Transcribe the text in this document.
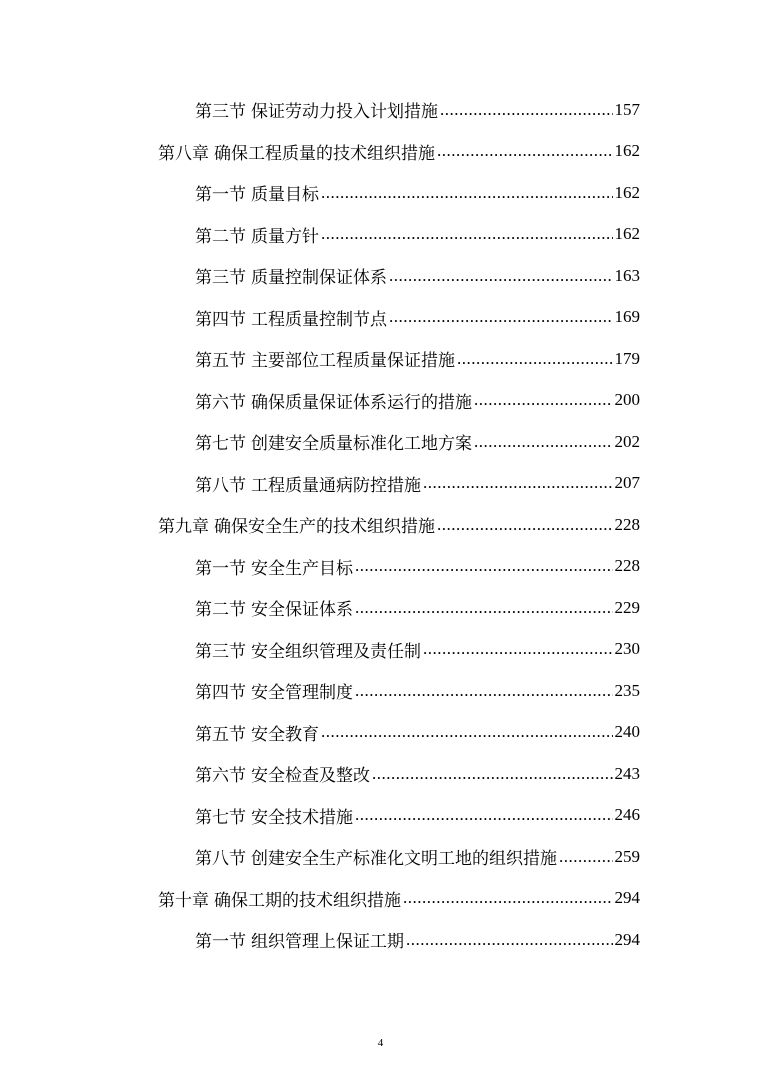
第三节 保证劳动力投入计划措施 .....	157
第八章 确保工程质量的技术组织措施 .....	162
第一节 质量目标 .....	162
第二节 质量方针 .....	162
第三节 质量控制保证体系 .....	163
第四节 工程质量控制节点 .....	169
第五节 主要部位工程质量保证措施 .....	179
第六节 确保质量保证体系运行的措施 .....	200
第七节 创建安全质量标准化工地方案 .....	202
第八节 工程质量通病防控措施 .....	207
第九章 确保安全生产的技术组织措施 .....	228
第一节 安全生产目标 .....	228
第二节 安全保证体系 .....	229
第三节 安全组织管理及责任制 .....	230
第四节 安全管理制度 .....	235
第五节 安全教育 .....	240
第六节 安全检查及整改 .....	243
第七节 安全技术措施 .....	246
第八节 创建安全生产标准化文明工地的组织措施 .....	259
第十章 确保工期的技术组织措施 .....	294
第一节 组织管理上保证工期 .....	294
4
